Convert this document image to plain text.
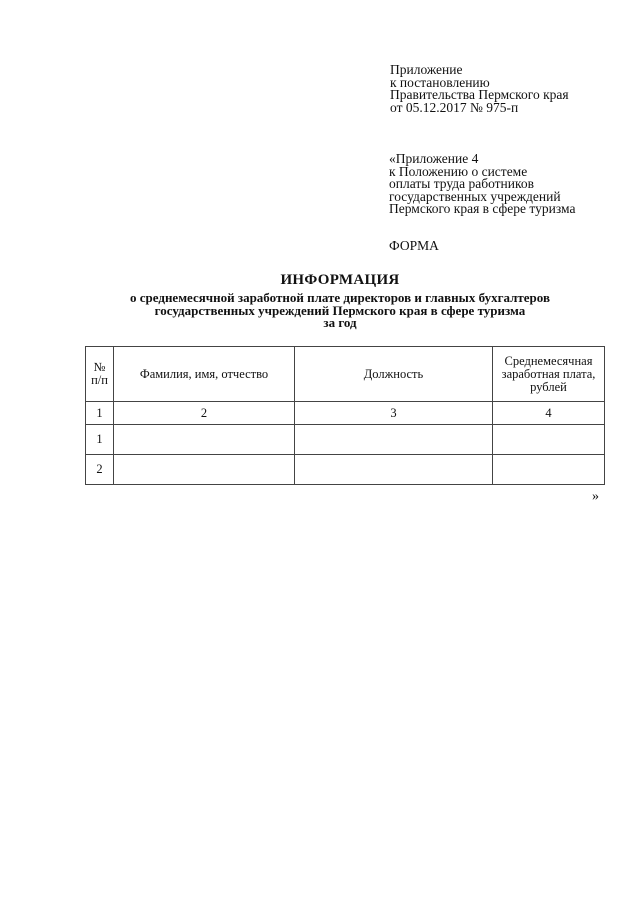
Приложение
к постановлению
Правительства Пермского края
от 05.12.2017 № 975-п
«Приложение 4
к Положению о системе
оплаты труда работников
государственных учреждений
Пермского края в сфере туризма
ФОРМА
ИНФОРМАЦИЯ
о среднемесячной заработной плате директоров и главных бухгалтеров
государственных учреждений Пермского края в сфере туризма
за год
№ п/п	Фамилия, имя, отчество	Должность	Среднемесячная заработная плата, рублей
1	2	3	4
1			
2			
»
